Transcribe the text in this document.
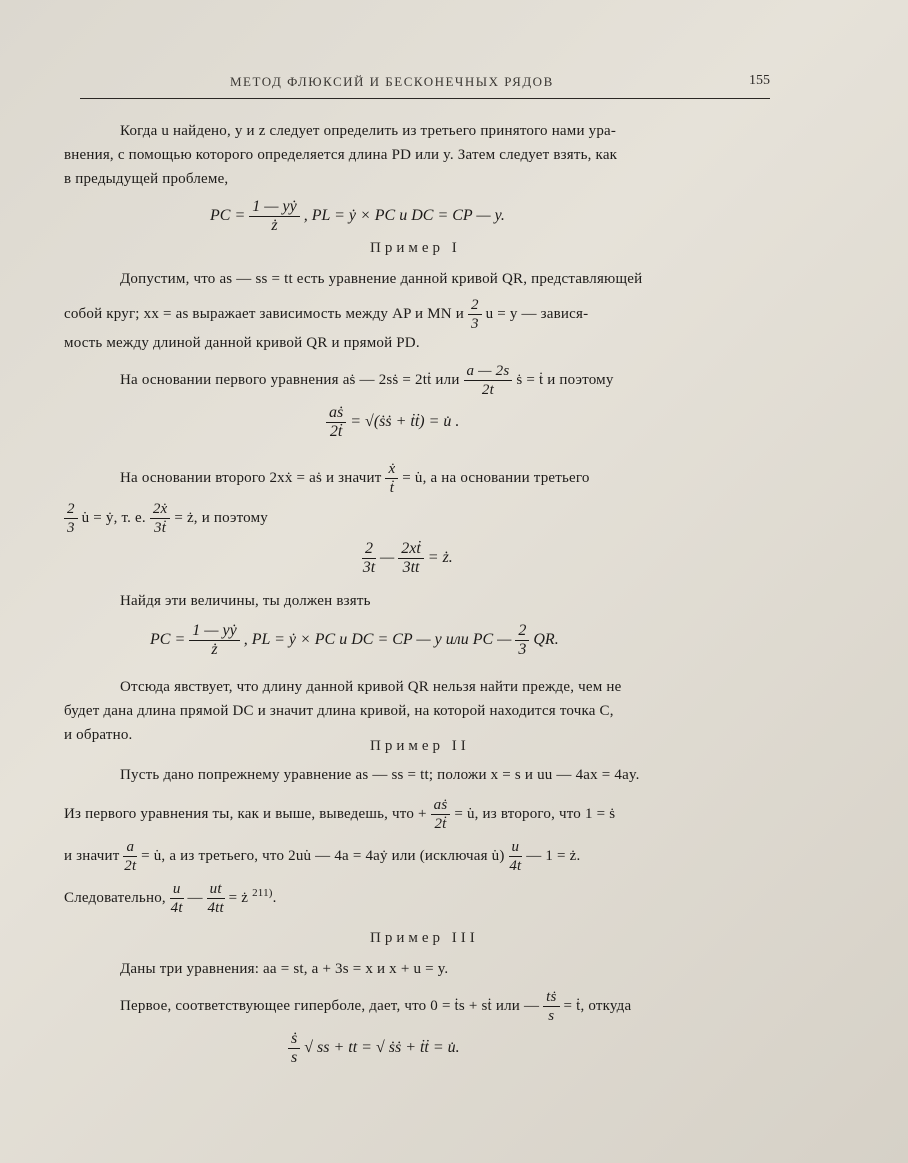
МЕТОД ФЛЮКСИЙ И БЕСКОНЕЧНЫХ РЯДОВ	155
Когда u найдено, y и z следует определить из третьего принятого нами ура-
внения, с помощью которого определяется длина PD или y. Затем следует взять, как
в предыдущей проблеме,
PC = $\frac{\text{1 — yẏ}}{ż}$ , PL = ẏ × PC и DC = CP — y.
Пример I
Допустим, что as — ss = tt есть уравнение данной кривой QR, представляющей
собой круг; xx = as выражает зависимость между AP и MN и $\frac{2}{3}$ u = y — завися-
мость между длиной данной кривой QR и прямой PD.
На основании первого уравнения aṡ — 2sṡ = 2tṫ или $\frac{a — 2s}{2t}$ ṡ = ṫ и поэтому
$\frac{\text{aṡ}}{\text{2ṫ}}$ = √(ṡṡ + ṫṫ) = u̇ .
На основании второго 2xẋ = aṡ и значит $\frac{\text{ẋ}}{\text{ṫ}}$ = u̇, а на основании третьего
$\frac{2}{3}$ u̇ = ẏ, т. е. $\frac{\text{2ẋ}}{\text{3ṫ}}$ = ż, и поэтому
$\frac{2}{3t}$ — $\frac{\text{2xṫ}}{3tt}$ = ż.
Найдя эти величины, ты должен взять
PC = $\frac{\text{1 — yẏ}}{ż}$ , PL = ẏ × PC и DC = CP — y или PC — $\frac{2}{3}$ QR.
Отсюда явствует, что длину данной кривой QR нельзя найти прежде, чем не
будет дана длина прямой DC и значит длина кривой, на которой находится точка C,
и обратно.
Пример II
Пусть дано попрежнему уравнение as — ss = tt; положи x = s и uu — 4ax = 4ay.
Из первого уравнения ты, как и выше, выведешь, что + $\frac{\text{aṡ}}{\text{2ṫ}}$ = u̇, из второго, что 1 = ṡ
и значит $\frac{a}{2t}$ = u̇, а из третьего, что 2uu̇ — 4a = 4aẏ или (исключая u̇) $\frac{u}{4t}$ — 1 = ż.
Следовательно, $\frac{u}{4t}$ — $\frac{ut}{4tt}$ = ż $^{211)}$.
Пример III
Даны три уравнения: aa = st, a + 3s = x и x + u = y.
Первое, соответствующее гиперболе, дает, что 0 = ṫs + sṫ или — $\frac{\text{tṡ}}{s}$ = ṫ, откуда
$\frac{\text{ṡ}}{s}$ √ ss + tt = √ ṡṡ + ṫṫ = u̇.
